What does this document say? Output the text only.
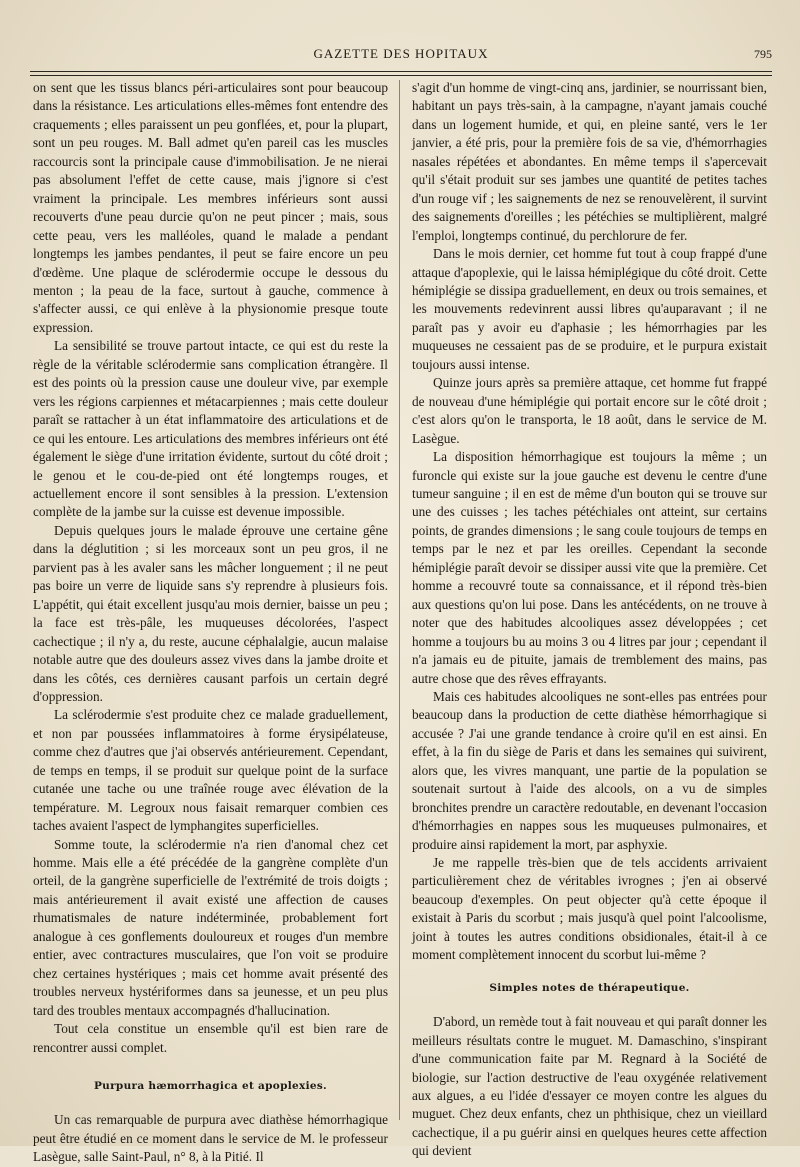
GAZETTE DES HOPITAUX	795

on sent que les tissus blancs péri-articulaires sont pour beaucoup dans la résistance. Les articulations elles-mêmes font entendre des craquements ; elles paraissent un peu gonflées, et, pour la plupart, sont un peu rouges. M. Ball admet qu'en pareil cas les muscles raccourcis sont la principale cause d'immobilisation. Je ne nierai pas absolument l'effet de cette cause, mais j'ignore si c'est vraiment la principale. Les membres inférieurs sont aussi recouverts d'une peau durcie qu'on ne peut pincer ; mais, sous cette peau, vers les malléoles, quand le malade a pendant longtemps les jambes pendantes, il peut se faire encore un peu d'œdème. Une plaque de sclérodermie occupe le dessous du menton ; la peau de la face, surtout à gauche, commence à s'affecter aussi, ce qui enlève à la physionomie presque toute expression.

La sensibilité se trouve partout intacte, ce qui est du reste la règle de la véritable sclérodermie sans complication étrangère. Il est des points où la pression cause une douleur vive, par exemple vers les régions carpiennes et métacarpiennes ; mais cette douleur paraît se rattacher à un état inflammatoire des articulations et de ce qui les entoure. Les articulations des membres inférieurs ont été également le siège d'une irritation évidente, surtout du côté droit ; le genou et le cou-de-pied ont été longtemps rouges, et actuellement encore il sont sensibles à la pression. L'extension complète de la jambe sur la cuisse est devenue impossible.

Depuis quelques jours le malade éprouve une certaine gêne dans la déglutition ; si les morceaux sont un peu gros, il ne parvient pas à les avaler sans les mâcher longuement ; il ne peut pas boire un verre de liquide sans s'y reprendre à plusieurs fois. L'appétit, qui était excellent jusqu'au mois dernier, baisse un peu ; la face est très-pâle, les muqueuses décolorées, l'aspect cachectique ; il n'y a, du reste, aucune céphalalgie, aucun malaise notable autre que des douleurs assez vives dans la jambe droite et dans les côtés, ces dernières causant parfois un certain degré d'oppression.

La sclérodermie s'est produite chez ce malade graduellement, et non par poussées inflammatoires à forme érysipélateuse, comme chez d'autres que j'ai observés antérieurement. Cependant, de temps en temps, il se produit sur quelque point de la surface cutanée une tache ou une traînée rouge avec élévation de la température. M. Legroux nous faisait remarquer combien ces taches avaient l'aspect de lymphangites superficielles.

Somme toute, la sclérodermie n'a rien d'anomal chez cet homme. Mais elle a été précédée de la gangrène complète d'un orteil, de la gangrène superficielle de l'extrémité de trois doigts ; mais antérieurement il avait existé une affection de causes rhumatismales de nature indéterminée, probablement fort analogue à ces gonflements douloureux et rouges d'un membre entier, avec contractures musculaires, que l'on voit se produire chez certaines hystériques ; mais cet homme avait présenté des troubles nerveux hystériformes dans sa jeunesse, et un peu plus tard des troubles mentaux accompagnés d'hallucination.

Tout cela constitue un ensemble qu'il est bien rare de rencontrer aussi complet.

Purpura hæmorrhagica et apoplexies.

Un cas remarquable de purpura avec diathèse hémorrhagique peut être étudié en ce moment dans le service de M. le professeur Lasègue, salle Saint-Paul, n° 8, à la Pitié. Il

s'agit d'un homme de vingt-cinq ans, jardinier, se nourrissant bien, habitant un pays très-sain, à la campagne, n'ayant jamais couché dans un logement humide, et qui, en pleine santé, vers le 1er janvier, a été pris, pour la première fois de sa vie, d'hémorrhagies nasales répétées et abondantes. En même temps il s'apercevait qu'il s'était produit sur ses jambes une quantité de petites taches d'un rouge vif ; les saignements de nez se renouvelèrent, il survint des saignements d'oreilles ; les pétéchies se multiplièrent, malgré l'emploi, longtemps continué, du perchlorure de fer.

Dans le mois dernier, cet homme fut tout à coup frappé d'une attaque d'apoplexie, qui le laissa hémiplégique du côté droit. Cette hémiplégie se dissipa graduellement, en deux ou trois semaines, et les mouvements redevinrent aussi libres qu'auparavant ; il ne paraît pas y avoir eu d'aphasie ; les hémorrhagies par les muqueuses ne cessaient pas de se produire, et le purpura existait toujours aussi intense.

Quinze jours après sa première attaque, cet homme fut frappé de nouveau d'une hémiplégie qui portait encore sur le côté droit ; c'est alors qu'on le transporta, le 18 août, dans le service de M. Lasègue.

La disposition hémorrhagique est toujours la même ; un furoncle qui existe sur la joue gauche est devenu le centre d'une tumeur sanguine ; il en est de même d'un bouton qui se trouve sur une des cuisses ; les taches pétéchiales ont atteint, sur certains points, de grandes dimensions ; le sang coule toujours de temps en temps par le nez et par les oreilles. Cependant la seconde hémiplégie paraît devoir se dissiper aussi vite que la première. Cet homme a recouvré toute sa connaissance, et il répond très-bien aux questions qu'on lui pose. Dans les antécédents, on ne trouve à noter que des habitudes alcooliques assez développées ; cet homme a toujours bu au moins 3 ou 4 litres par jour ; cependant il n'a jamais eu de pituite, jamais de tremblement des mains, pas autre chose que des rêves effrayants.

Mais ces habitudes alcooliques ne sont-elles pas entrées pour beaucoup dans la production de cette diathèse hémorrhagique si accusée ? J'ai une grande tendance à croire qu'il en est ainsi. En effet, à la fin du siège de Paris et dans les semaines qui suivirent, alors que, les vivres manquant, une partie de la population se soutenait surtout à l'aide des alcools, on a vu de simples bronchites prendre un caractère redoutable, en devenant l'occasion d'hémorrhagies en nappes sous les muqueuses pulmonaires, et produire ainsi rapidement la mort, par asphyxie.

Je me rappelle très-bien que de tels accidents arrivaient particulièrement chez de véritables ivrognes ; j'en ai observé beaucoup d'exemples. On peut objecter qu'à cette époque il existait à Paris du scorbut ; mais jusqu'à quel point l'alcoolisme, joint à toutes les autres conditions obsidionales, était-il à ce moment complètement innocent du scorbut lui-même ?

Simples notes de thérapeutique.

D'abord, un remède tout à fait nouveau et qui paraît donner les meilleurs résultats contre le muguet. M. Damaschino, s'inspirant d'une communication faite par M. Regnard à la Société de biologie, sur l'action destructive de l'eau oxygénée relativement aux algues, a eu l'idée d'essayer ce moyen contre les algues du muguet. Chez deux enfants, chez un phthisique, chez un vieillard cachectique, il a pu guérir ainsi en quelques heures cette affection qui devient
